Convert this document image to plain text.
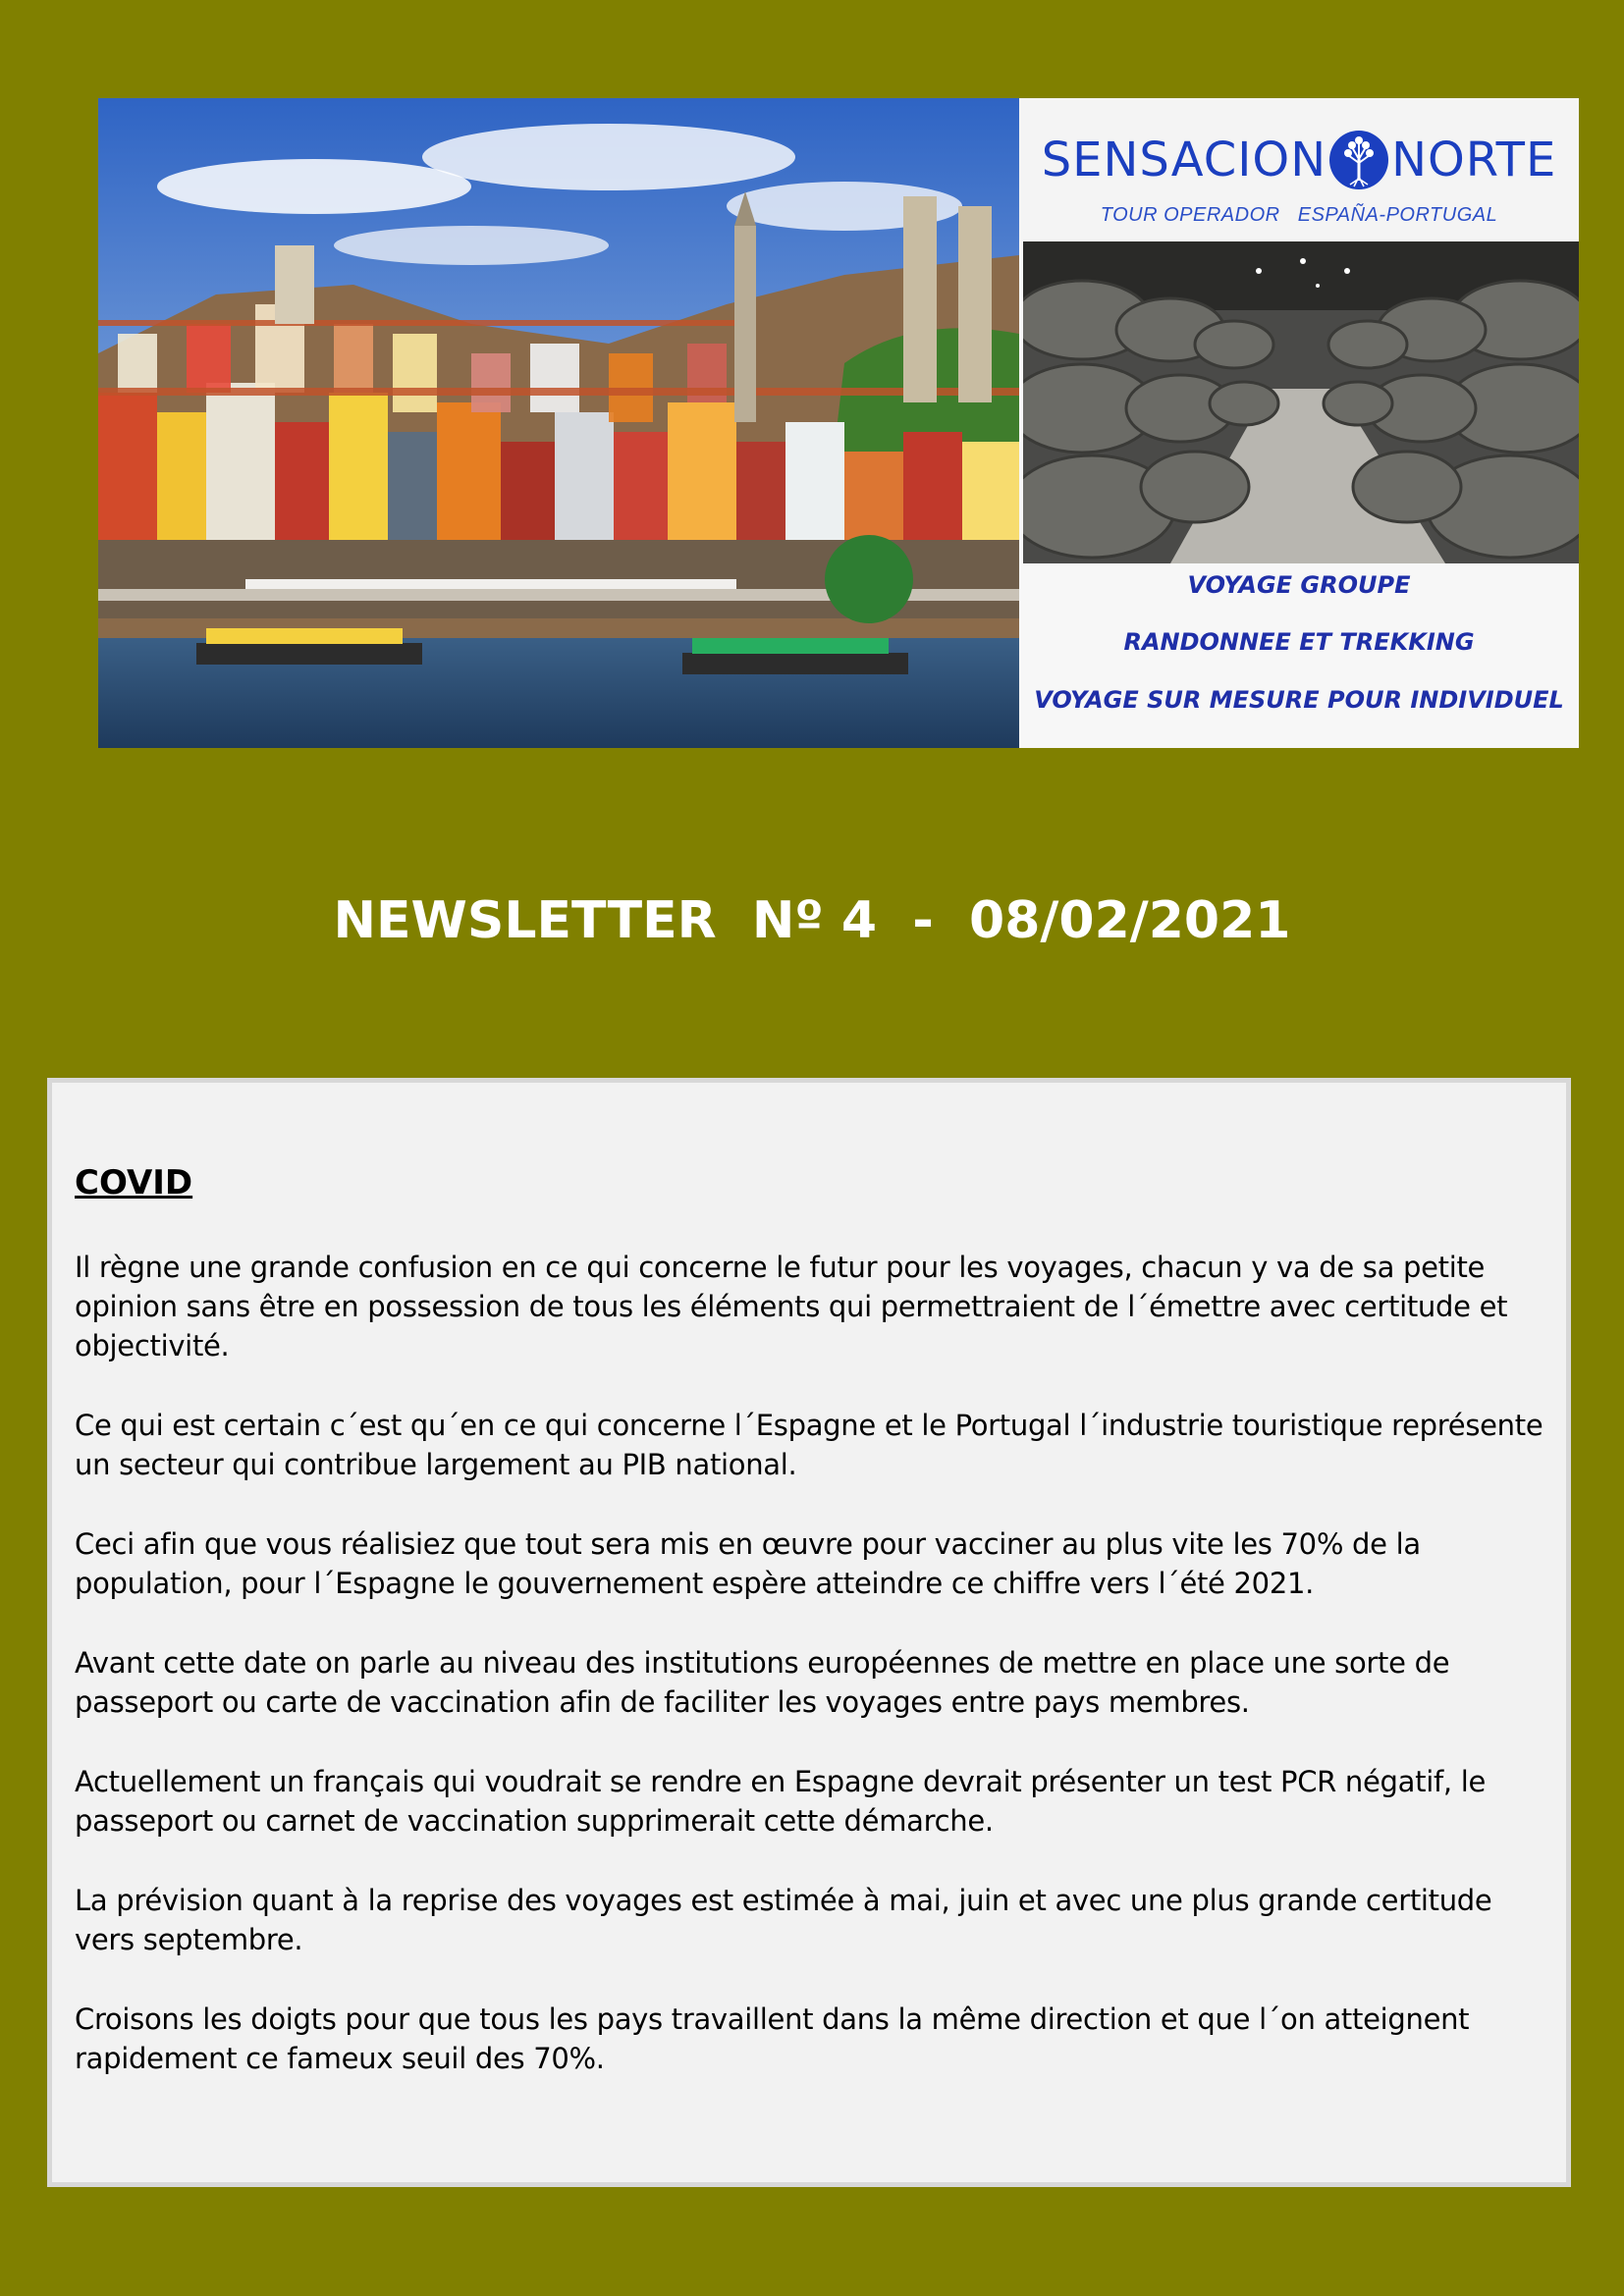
SENSACION NORTE
TOUR OPERADOR   ESPAÑA-PORTUGAL
VOYAGE GROUPE
RANDONNEE ET TREKKING
VOYAGE SUR MESURE POUR INDIVIDUEL
NEWSLETTER  Nº 4  -  08/02/2021
COVID

Il règne une grande confusion en ce qui concerne le futur pour les voyages, chacun y va de sa petite opinion sans être en possession de tous les éléments qui permettraient de l´émettre avec certitude et objectivité.

Ce qui est certain c´est qu´en ce qui concerne l´Espagne et le Portugal l´industrie touristique représente un secteur qui contribue largement au PIB national.

Ceci afin que vous réalisiez que tout sera mis en œuvre pour vacciner au plus vite les 70% de la population, pour l´Espagne le gouvernement espère atteindre ce chiffre vers l´été 2021.

Avant cette date on parle au niveau des institutions européennes de mettre en place une sorte de passeport ou carte de vaccination afin de faciliter les voyages entre pays membres.

Actuellement un français qui voudrait se rendre en Espagne devrait présenter un test PCR négatif, le passeport ou carnet de vaccination supprimerait cette démarche.

La prévision quant à la reprise des voyages est estimée à mai, juin et avec une plus grande certitude vers septembre.

Croisons les doigts pour que tous les pays travaillent dans la même direction et que l´on atteignent rapidement ce fameux seuil des 70%.
